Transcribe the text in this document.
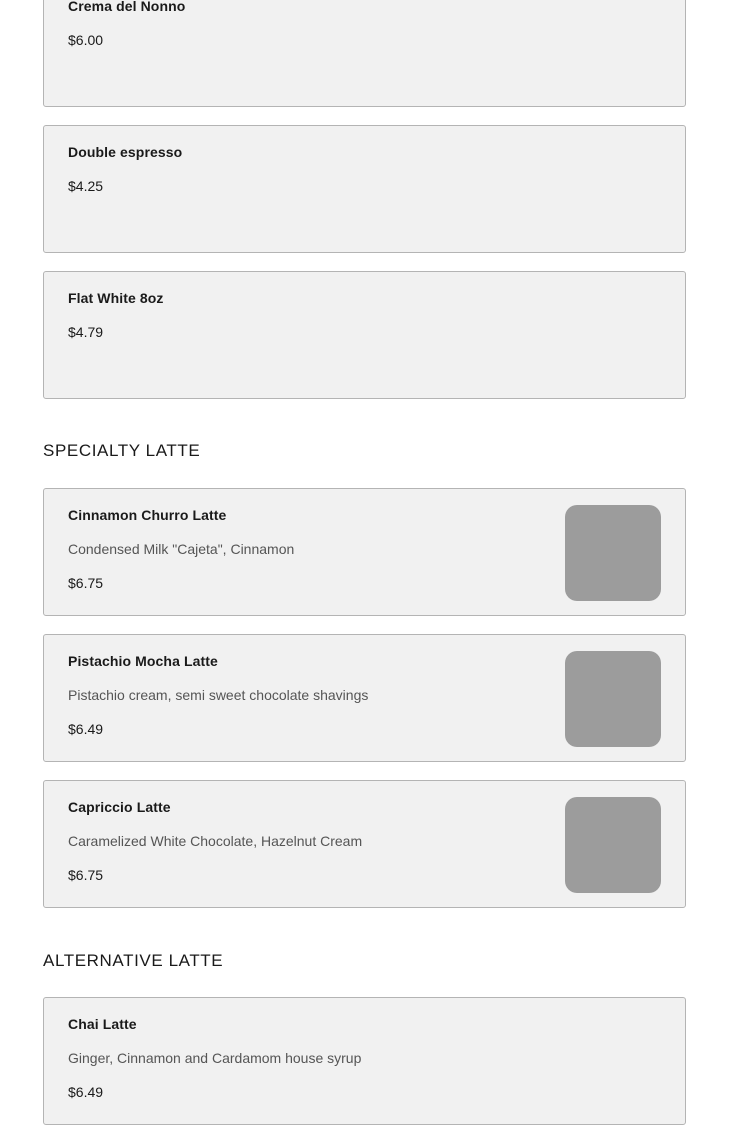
Crema del Nonno
$6.00
Double espresso
$4.25
Flat White 8oz
$4.79
SPECIALTY LATTE
Cinnamon Churro Latte
Condensed Milk "Cajeta", Cinnamon
$6.75
Pistachio Mocha Latte
Pistachio cream, semi sweet chocolate shavings
$6.49
Capriccio Latte
Caramelized White Chocolate, Hazelnut Cream
$6.75
ALTERNATIVE LATTE
Chai Latte
Ginger, Cinnamon and Cardamom house syrup
$6.49
